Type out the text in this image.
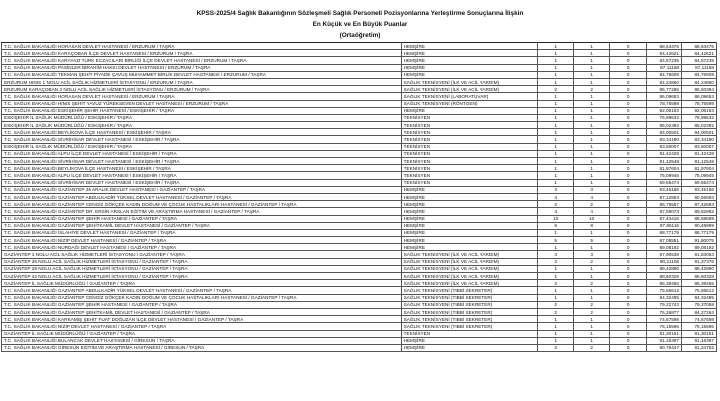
KPSS-2025/4 Sağlık Bakanlığının Sözleşmeli Sağlık Personeli Pozisyonlarına Yerleştirme Sonuçlarına İlişkin
En Küçük ve En Büyük Puanlar
(Ortaöğretim)
T.C. SAĞLIK BAKANLIĞI HORASAN DEVLET HASTANESİ / ERZURUM / TAŞRA	HEMŞİRE	1	1	0	88,63476	88,63476
T.C. SAĞLIK BAKANLIĞI KARAÇOBAN İLÇE DEVLET HASTANESİ / ERZURUM / TAŞRA	HEMŞİRE	1	1	0	84,42621	84,42621
T.C. SAĞLIK BAKANLIĞI KARAYAZI TURK ECZACILARI BİRLİĞİ İLÇE DEVLET HASTANESİ / ERZURUM / TAŞRA	HEMŞİRE	1	1	0	84,57235	84,57235
T.C. SAĞLIK BAKANLIĞI PASİNLER İBRAHİM HAKKI DEVLET HASTANESİ / ERZURUM / TAŞRA	HEMŞİRE	1	1	0	87,11168	87,11168
T.C. SAĞLIK BAKANLIĞI TEKMAN ŞEHİT PİYADE ÇAVUŞ MUHAMMET BİRLİK DEVLET HASTANESİ / ERZURUM / TAŞRA	HEMŞİRE	1	1	0	84,76609	84,76609
ERZURUM HINIS 1 NOLU ACİL SAĞLIK HİZMETLERİ İSTASYONU / ERZURUM / TAŞRA	SAĞLIK TEKNİSYENİ (İLK VE ACİL YARDIM)	1	1	0	84,24860	84,24860
ERZURUM KARAÇOBAN 2 NOLU ACİL SAĞLIK HİZMETLERİ İSTASYONU / ERZURUM / TAŞRA	SAĞLIK TEKNİSYENİ (İLK VE ACİL YARDIM)	2	2	0	85,77286	85,93394
T.C. SAĞLIK BAKANLIĞI HORASAN DEVLET HASTANESİ / ERZURUM / TAŞRA	SAĞLIK TEKNİSYENİ (LABORATUVAR)	1	1	0	86,09653	86,09653
T.C. SAĞLIK BAKANLIĞI HINIS ŞEHİT YAVUZ YÜREKSEVEN DEVLET HASTANESİ / ERZURUM / TAŞRA	SAĞLIK TEKNİSYENİ (RÖNTGEN)	1	1	0	78,75598	78,75598
T.C. SAĞLIK BAKANLIĞI ESKİŞEHİR ŞEHİR HASTANESİ / ESKİŞEHİR / TAŞRA	HEMŞİRE	1	1	0	92,06163	92,06163
ESKİŞEHİR İL SAĞLIK MÜDÜRLÜĞÜ / ESKİŞEHİR / TAŞRA	TEKNİSYEN	1	1	0	76,99632	76,99632
ESKİŞEHİR İL SAĞLIK MÜDÜRLÜĞÜ / ESKİŞEHİR / TAŞRA	TEKNİSYEN	1	1	0	85,02392	85,02392
T.C. SAĞLIK BAKANLIĞI BEYLİKOVA İLÇE HASTANESİ / ESKİŞEHİR / TAŞRA	TEKNİSYEN	1	1	0	84,00501	84,00501
T.C. SAĞLIK BAKANLIĞI SİVRİHİSAR DEVLET HASTANESİ / ESKİŞEHİR / TAŞRA	TEKNİSYEN	1	1	0	83,34190	83,34190
ESKİŞEHİR İL SAĞLIK MÜDÜRLÜĞÜ / ESKİŞEHİR / TAŞRA	TEKNİSYEN	1	1	0	83,60007	83,60007
T.C. SAĞLIK BAKANLIĞI ALPU İLÇE DEVLET HASTANESİ / ESKİŞEHİR / TAŞRA	TEKNİSYEN	1	1	0	81,42428	81,42428
T.C. SAĞLIK BAKANLIĞI SİVRİHİSAR DEVLET HASTANESİ / ESKİŞEHİR / TAŞRA	TEKNİSYEN	1	1	0	81,12548	81,12548
T.C. SAĞLIK BAKANLIĞI BEYLİKOVA İLÇE HASTANESİ / ESKİŞEHİR / TAŞRA	TEKNİSYEN	1	1	0	81,97604	81,97604
T.C. SAĞLIK BAKANLIĞI ALPU İLÇE DEVLET HASTANESİ / ESKİŞEHİR / TAŞRA	TEKNİSYEN	1	1	0	75,09945	75,09945
T.C. SAĞLIK BAKANLIĞI SİVRİHİSAR DEVLET HASTANESİ / ESKİŞEHİR / TAŞRA	TEKNİSYEN	1	1	0	69,55474	69,55474
T.C. SAĞLIK BAKANLIĞI GAZİANTEP 25 ARALIK DEVLET HASTANESİ / GAZİANTEP / TAŞRA	HEMŞİRE	3	3	0	93,45156	93,45156
T.C. SAĞLIK BAKANLIĞI GAZİANTEP ABDULKADİR YÜKSEL DEVLET HASTANESİ / GAZİANTEP / TAŞRA	HEMŞİRE	4	4	0	87,12853	90,56593
T.C. SAĞLIK BAKANLIĞI GAZİANTEP CENGİZ GÖKÇEK KADIN DOĞUM VE ÇOCUK HASTALIKLARI HASTANESİ / GAZİANTEP / TAŞRA	HEMŞİRE	2	2	0	86,75557	87,42693
T.C. SAĞLIK BAKANLIĞI GAZİANTEP DR. ERSİN ARSLAN EĞİTİM VE ARAŞTIRMA HASTANESİ / GAZİANTEP / TAŞRA	HEMŞİRE	4	4	0	87,59073	89,82982
T.C. SAĞLIK BAKANLIĞI GAZİANTEP ŞEHİR HASTANESİ / GAZİANTEP / TAŞRA	HEMŞİRE	10	10	0	87,43416	89,58589
T.C. SAĞLIK BAKANLIĞI GAZİANTEP ŞEHİTKAMİL DEVLET HASTANESİ / GAZİANTEP / TAŞRA	HEMŞİRE	8	8	0	87,86116	90,48999
T.C. SAĞLIK BAKANLIĞI İSLAHİYE DEVLET HASTANESİ / GAZİANTEP / TAŞRA	HEMŞİRE	1	1	0	88,77179	88,77179
T.C. SAĞLIK BAKANLIĞI NİZİP DEVLET HASTANESİ / GAZİANTEP / TAŞRA	HEMŞİRE	5	5	0	87,05551	91,80075
T.C. SAĞLIK BAKANLIĞI NURDAĞI DEVLET HASTANESİ / GAZİANTEP / TAŞRA	HEMŞİRE	1	1	0	89,08192	89,08192
GAZİANTEP 1 NOLU ACİL SAĞLIK HİZMETLERİ İSTASYONU / GAZİANTEP / TAŞRA	SAĞLIK TEKNİSYENİ (İLK VE ACİL YARDIM)	3	3	0	87,90538	91,83063
GAZİANTEP 26 NOLU ACİL SAĞLIK HİZMETLERİ İSTASYONU / GAZİANTEP / TAŞRA	SAĞLIK TEKNİSYENİ (İLK VE ACİL YARDIM)	2	2	0	90,21105	91,37376
GAZİANTEP 29 NOLU ACİL SAĞLIK HİZMETLERİ İSTASYONU / GAZİANTEP / TAŞRA	SAĞLIK TEKNİSYENİ (İLK VE ACİL YARDIM)	1	1	0	88,42890	88,42890
GAZİANTEP 42 NOLU ACİL SAĞLIK HİZMETLERİ İSTASYONU / GAZİANTEP / TAŞRA	SAĞLIK TEKNİSYENİ (İLK VE ACİL YARDIM)	1	1	0	88,60328	88,60328
GAZİANTEP İL SAĞLIK MÜDÜRLÜĞÜ / GAZİANTEP / TAŞRA	SAĞLIK TEKNİSYENİ (İLK VE ACİL YARDIM)	2	2	0	86,39465	86,39465
T.C. SAĞLIK BAKANLIĞI GAZİANTEP ABDULKADİR YÜKSEL DEVLET HASTANESİ / GAZİANTEP / TAŞRA	SAĞLIK TEKNİSYENİ (TIBBİ SEKRETER)	1	1	0	75,56612	75,56612
T.C. SAĞLIK BAKANLIĞI GAZİANTEP CENGİZ GÖKÇEK KADIN DOĞUM VE ÇOCUK HASTALIKLARI HASTANESİ / GAZİANTEP / TAŞRA	SAĞLIK TEKNİSYENİ (TIBBİ SEKRETER)	1	1	0	84,32495	84,32495
T.C. SAĞLIK BAKANLIĞI GAZİANTEP ŞEHİR HASTANESİ / GAZİANTEP / TAŞRA	SAĞLIK TEKNİSYENİ (TIBBİ SEKRETER)	2	2	0	79,22743	79,37058
T.C. SAĞLIK BAKANLIĞI GAZİANTEP ŞEHİTKAMİL DEVLET HASTANESİ / GAZİANTEP / TAŞRA	SAĞLIK TEKNİSYENİ (TIBBİ SEKRETER)	2	2	0	76,26877	84,27264
T.C. SAĞLIK BAKANLIĞI KARKAMIŞ ŞEHİT FUAT DOĞUZAN İLÇE DEVLET HASTANESİ / GAZİANTEP / TAŞRA	SAĞLIK TEKNİSYENİ (TIBBİ SEKRETER)	1	1	0	74,67598	74,67598
T.C. SAĞLIK BAKANLIĞI NİZİP DEVLET HASTANESİ / GAZİANTEP / TAŞRA	SAĞLIK TEKNİSYENİ (TIBBİ SEKRETER)	1	1	0	75,15596	75,15596
GAZİANTEP İL SAĞLIK MÜDÜRLÜĞÜ / GAZİANTEP / TAŞRA	TEKNİSYEN	1	1	0	81,30151	81,30151
T.C. SAĞLIK BAKANLIĞI BULANCAK DEVLET HASTANESİ / GİRESUN / TAŞRA	HEMŞİRE	1	1	0	91,16397	91,16397
T.C. SAĞLIK BAKANLIĞI GİRESUN EĞİTİM VE ARAŞTIRMA HASTANESİ / GİRESUN / TAŞRA	HEMŞİRE	2	2	0	90,76447	91,24752
